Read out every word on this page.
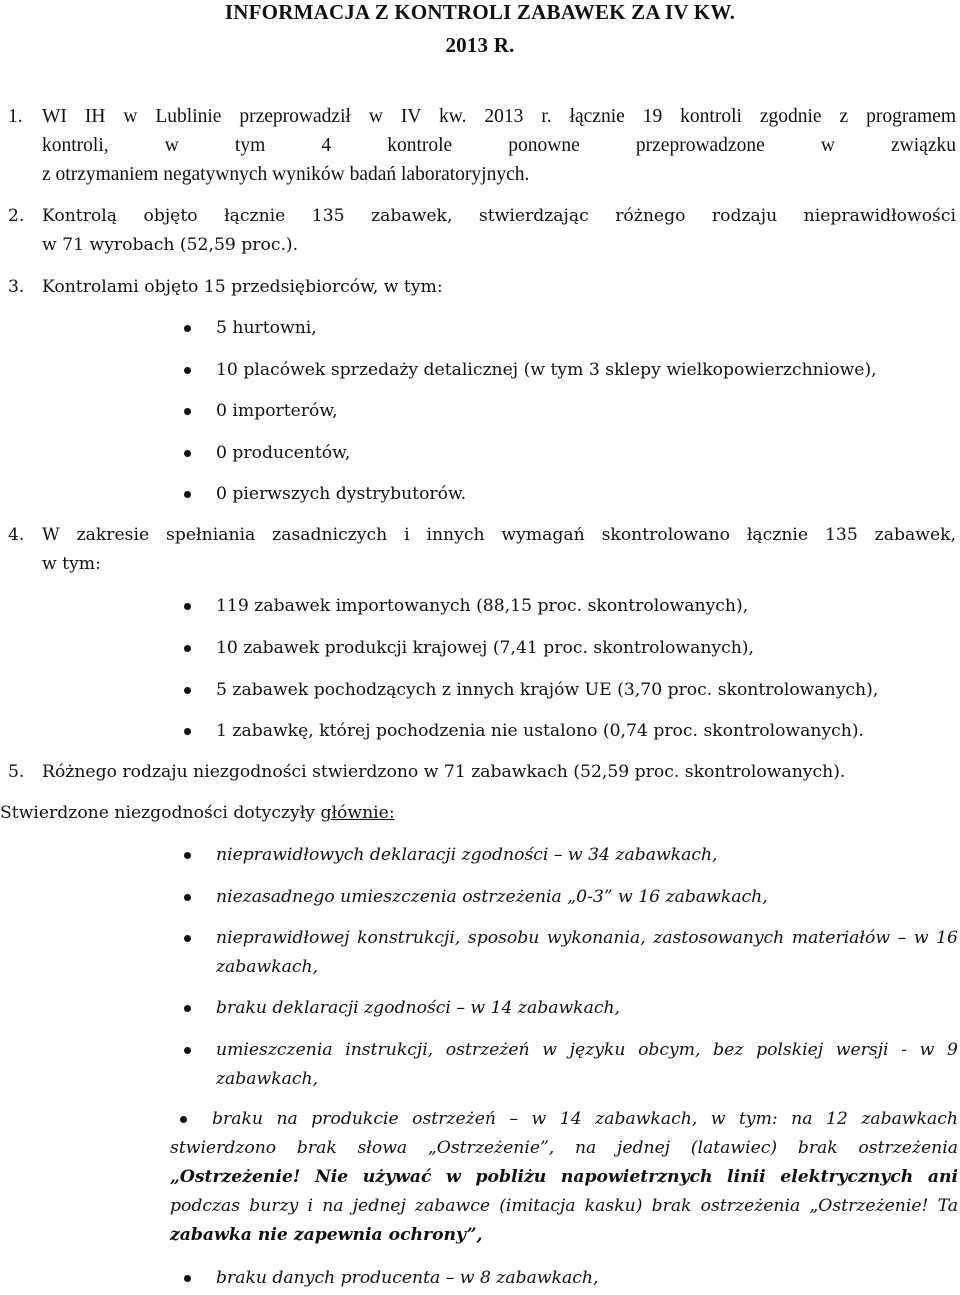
INFORMACJA Z KONTROLI ZABAWEK ZA IV KW.
2013 R.
1. WI IH w Lublinie przeprowadził w IV kw. 2013 r. łącznie 19 kontroli zgodnie z programem
kontroli, w tym 4 kontrole ponowne przeprowadzone w związku
z otrzymaniem negatywnych wyników badań laboratoryjnych.
2. Kontrolą objęto łącznie 135 zabawek, stwierdzając różnego rodzaju nieprawidłowości
w 71 wyrobach (52,59 proc.).
3. Kontrolami objęto 15 przedsiębiorców, w tym:
5 hurtowni,
10 placówek sprzedaży detalicznej (w tym 3 sklepy wielkopowierzchniowe),
0 importerów,
0 producentów,
0 pierwszych dystrybutorów.
4. W zakresie spełniania zasadniczych i innych wymagań skontrolowano łącznie 135 zabawek,
w tym:
119 zabawek importowanych (88,15 proc. skontrolowanych),
10 zabawek produkcji krajowej (7,41 proc. skontrolowanych),
5 zabawek pochodzących z innych krajów UE (3,70 proc. skontrolowanych),
1 zabawkę, której pochodzenia nie ustalono (0,74 proc. skontrolowanych).
5. Różnego rodzaju niezgodności stwierdzono w 71 zabawkach (52,59 proc. skontrolowanych).
Stwierdzone niezgodności dotyczyły głównie:
nieprawidłowych deklaracji zgodności – w 34 zabawkach,
niezasadnego umieszczenia ostrzeżenia „0-3” w 16 zabawkach,
nieprawidłowej konstrukcji, sposobu wykonania, zastosowanych materiałów – w 16
zabawkach,
braku deklaracji zgodności – w 14 zabawkach,
umieszczenia instrukcji, ostrzeżeń w języku obcym, bez polskiej wersji - w 9
zabawkach,
braku na produkcie ostrzeżeń – w 14 zabawkach, w tym: na 12 zabawkach
stwierdzono brak słowa „Ostrzeżenie”, na jednej (latawiec) brak ostrzeżenia
„Ostrzeżenie! Nie używać w pobliżu napowietrznych linii elektrycznych ani
podczas burzy i na jednej zabawce (imitacja kasku) brak ostrzeżenia „Ostrzeżenie! Ta
zabawka nie zapewnia ochrony”,
braku danych producenta – w 8 zabawkach,
